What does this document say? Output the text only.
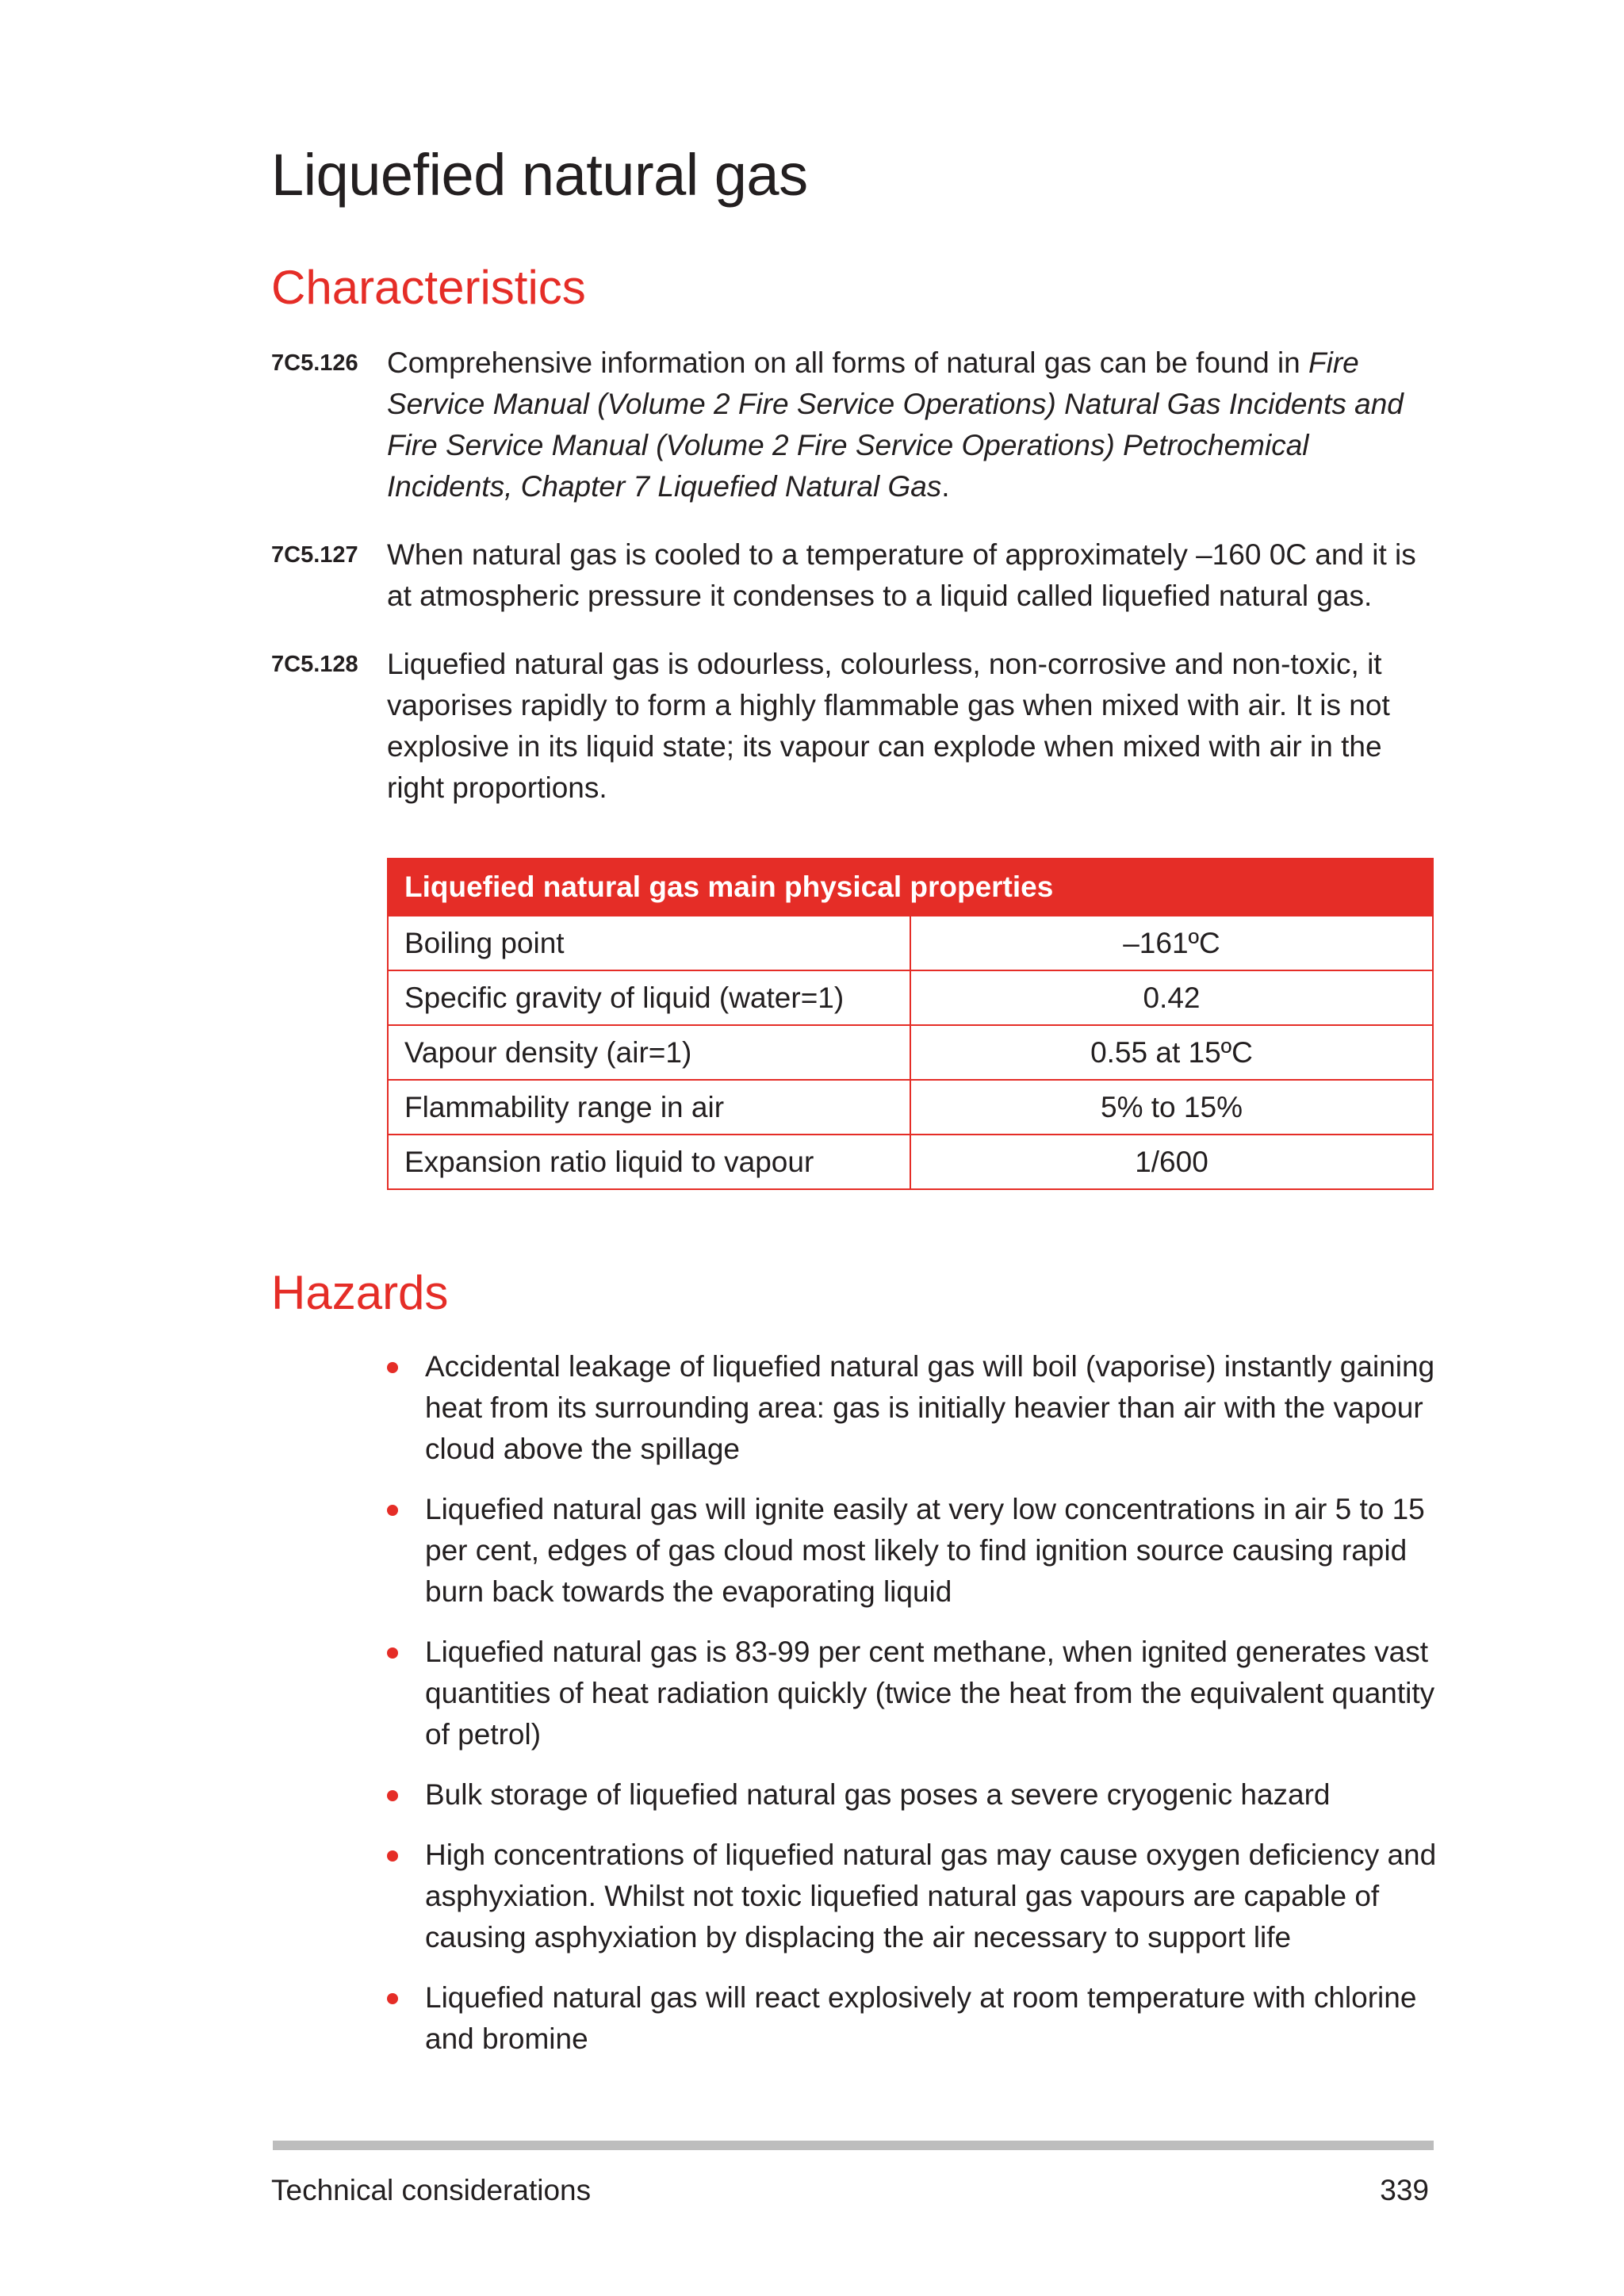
Liquefied natural gas
Characteristics
7C5.126 Comprehensive information on all forms of natural gas can be found in Fire Service Manual (Volume 2 Fire Service Operations) Natural Gas Incidents and Fire Service Manual (Volume 2 Fire Service Operations) Petrochemical Incidents, Chapter 7 Liquefied Natural Gas.
7C5.127 When natural gas is cooled to a temperature of approximately –160 0C and it is at atmospheric pressure it condenses to a liquid called liquefied natural gas.
7C5.128 Liquefied natural gas is odourless, colourless, non-corrosive and non-toxic, it vaporises rapidly to form a highly flammable gas when mixed with air. It is not explosive in its liquid state; its vapour can explode when mixed with air in the right proportions.
Liquefied natural gas main physical properties	
Boiling point	–161ºC
Specific gravity of liquid (water=1)	0.42
Vapour density (air=1)	0.55 at 15ºC
Flammability range in air	5% to 15%
Expansion ratio liquid to vapour	1/600
Hazards
Accidental leakage of liquefied natural gas will boil (vaporise) instantly gaining heat from its surrounding area: gas is initially heavier than air with the vapour cloud above the spillage
Liquefied natural gas will ignite easily at very low concentrations in air 5 to 15 per cent, edges of gas cloud most likely to find ignition source causing rapid burn back towards the evaporating liquid
Liquefied natural gas is 83-99 per cent methane, when ignited generates vast quantities of heat radiation quickly (twice the heat from the equivalent quantity of petrol)
Bulk storage of liquefied natural gas poses a severe cryogenic hazard
High concentrations of liquefied natural gas may cause oxygen deficiency and asphyxiation. Whilst not toxic liquefied natural gas vapours are capable of causing asphyxiation by displacing the air necessary to support life
Liquefied natural gas will react explosively at room temperature with chlorine and bromine
Technical considerations	339
